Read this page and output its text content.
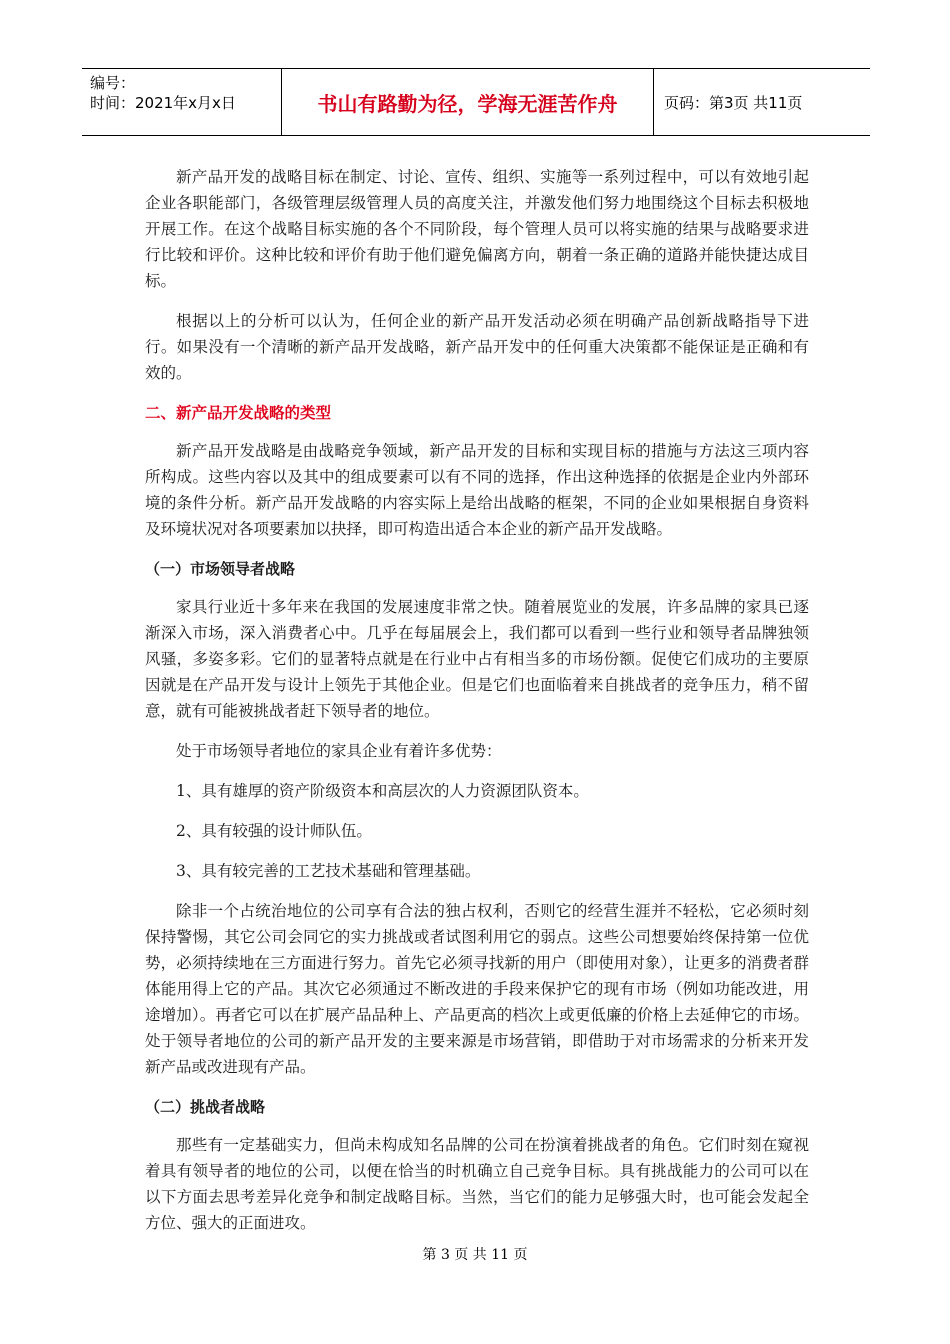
编号：
时间：2021年x月x日	书山有路勤为径，学海无涯苦作舟	页码：第3页 共11页

新产品开发的战略目标在制定、讨论、宣传、组织、实施等一系列过程中，可以有效地引起企业各职能部门，各级管理层级管理人员的高度关注，并激发他们努力地围绕这个目标去积极地开展工作。在这个战略目标实施的各个不同阶段，每个管理人员可以将实施的结果与战略要求进行比较和评价。这种比较和评价有助于他们避免偏离方向，朝着一条正确的道路并能快捷达成目标。

根据以上的分析可以认为，任何企业的新产品开发活动必须在明确产品创新战略指导下进行。如果没有一个清晰的新产品开发战略，新产品开发中的任何重大决策都不能保证是正确和有效的。

二、新产品开发战略的类型

新产品开发战略是由战略竞争领域，新产品开发的目标和实现目标的措施与方法这三项内容所构成。这些内容以及其中的组成要素可以有不同的选择，作出这种选择的依据是企业内外部环境的条件分析。新产品开发战略的内容实际上是给出战略的框架，不同的企业如果根据自身资料及环境状况对各项要素加以抉择，即可构造出适合本企业的新产品开发战略。

（一）市场领导者战略

家具行业近十多年来在我国的发展速度非常之快。随着展览业的发展，许多品牌的家具已逐渐深入市场，深入消费者心中。几乎在每届展会上，我们都可以看到一些行业和领导者品牌独领风骚，多姿多彩。它们的显著特点就是在行业中占有相当多的市场份额。促使它们成功的主要原因就是在产品开发与设计上领先于其他企业。但是它们也面临着来自挑战者的竞争压力，稍不留意，就有可能被挑战者赶下领导者的地位。

处于市场领导者地位的家具企业有着许多优势：

1、具有雄厚的资产阶级资本和高层次的人力资源团队资本。

2、具有较强的设计师队伍。

3、具有较完善的工艺技术基础和管理基础。

除非一个占统治地位的公司享有合法的独占权利，否则它的经营生涯并不轻松，它必须时刻保持警惕，其它公司会同它的实力挑战或者试图利用它的弱点。这些公司想要始终保持第一位优势，必须持续地在三方面进行努力。首先它必须寻找新的用户（即使用对象），让更多的消费者群体能用得上它的产品。其次它必须通过不断改进的手段来保护它的现有市场（例如功能改进，用途增加）。再者它可以在扩展产品品种上、产品更高的档次上或更低廉的价格上去延伸它的市场。处于领导者地位的公司的新产品开发的主要来源是市场营销，即借助于对市场需求的分析来开发新产品或改进现有产品。

（二）挑战者战略

那些有一定基础实力，但尚未构成知名品牌的公司在扮演着挑战者的角色。它们时刻在窥视着具有领导者的地位的公司，以便在恰当的时机确立自己竞争目标。具有挑战能力的公司可以在以下方面去思考差异化竞争和制定战略目标。当然，当它们的能力足够强大时，也可能会发起全方位、强大的正面进攻。

第 3 页 共 11 页
